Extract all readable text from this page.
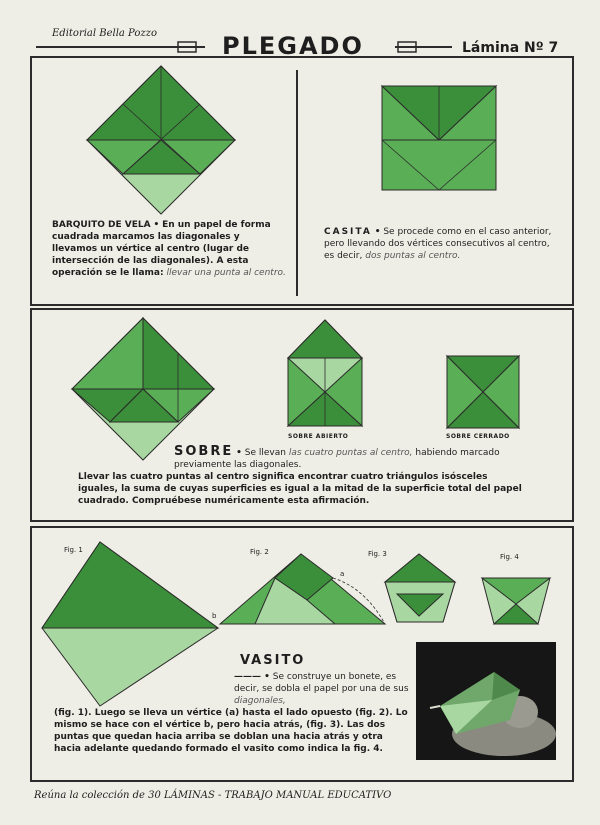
Editorial Bella Pozzo	PLEGADO	Lámina Nº 7
BARQUITO DE VELA • En un papel de forma cuadrada marcamos las diagonales y llevamos un vértice al centro (lugar de intersección de las diagonales). A esta operación se le llama: llevar una punta al centro.
CASITA • Se procede como en el caso anterior, pero llevando dos vértices consecutivos al centro, es decir, dos puntas al centro.
SOBRE ABIERTO	SOBRE CERRADO
SOBRE • Se llevan las cuatro puntas al centro, habiendo marcado previamente las diagonales.
Llevar las cuatro puntas al centro significa encontrar cuatro triángulos isósceles iguales, la suma de cuyas superficies es igual a la mitad de la superficie total del papel cuadrado. Compruébese numéricamente esta afirmación.
Fig. 1	Fig. 2
b
a
Fig. 3	Fig. 4
VASITO
——— • Se construye un bonete, es decir, se dobla el papel por una de sus diagonales,
(fig. 1). Luego se lleva un vértice (a) hasta el lado opuesto (fig. 2). Lo mismo se hace con el vértice b, pero hacia atrás, (fig. 3). Las dos puntas que quedan hacia arriba se doblan una hacia atrás y otra hacia adelante quedando formado el vasito como indica la fig. 4.
Reúna la colección de 30 LÁMINAS - TRABAJO MANUAL EDUCATIVO
